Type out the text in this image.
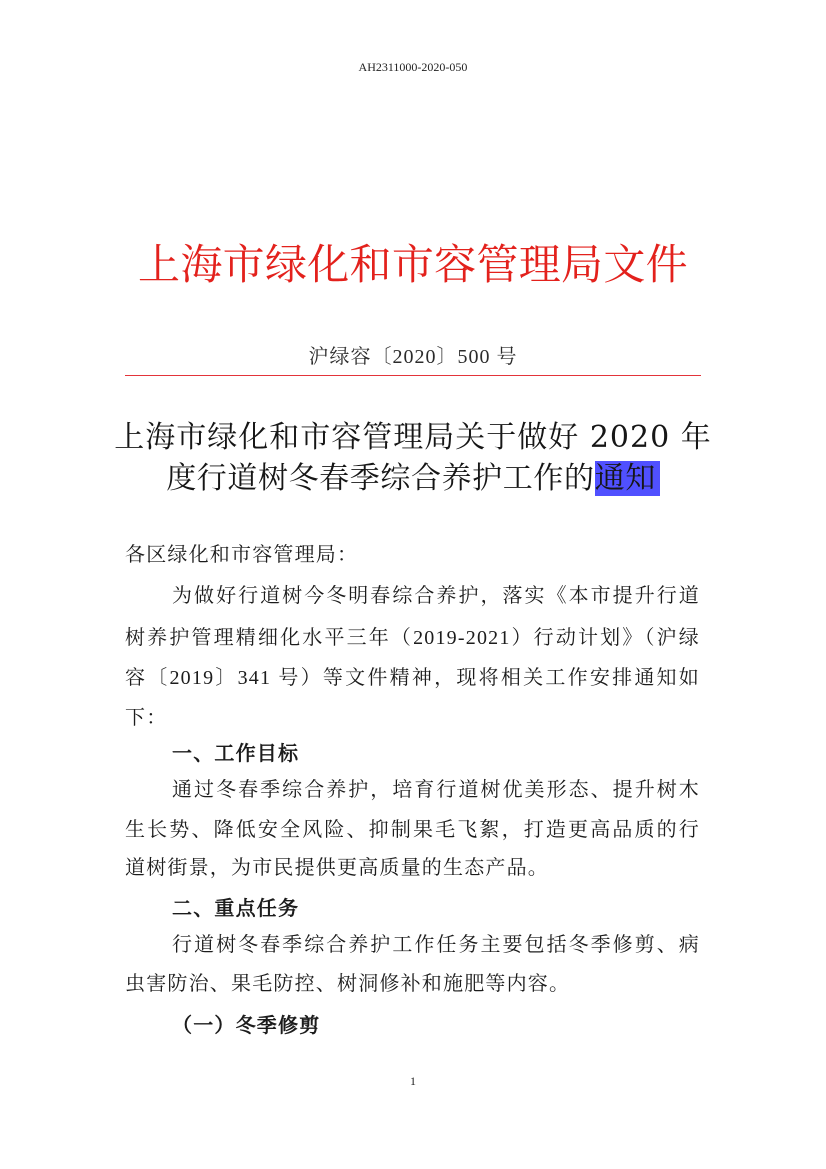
AH2311000-2020-050
上海市绿化和市容管理局文件
沪绿容〔2020〕500 号
上海市绿化和市容管理局关于做好 2020 年
度行道树冬春季综合养护工作的通知
各区绿化和市容管理局：
为做好行道树今冬明春综合养护，落实《本市提升行道
树养护管理精细化水平三年（2019-2021）行动计划》（沪绿
容〔2019〕341 号）等文件精神，现将相关工作安排通知如
下：
一、工作目标
通过冬春季综合养护，培育行道树优美形态、提升树木
生长势、降低安全风险、抑制果毛飞絮，打造更高品质的行
道树街景，为市民提供更高质量的生态产品。
二、重点任务
行道树冬春季综合养护工作任务主要包括冬季修剪、病
虫害防治、果毛防控、树洞修补和施肥等内容。
（一）冬季修剪
1
